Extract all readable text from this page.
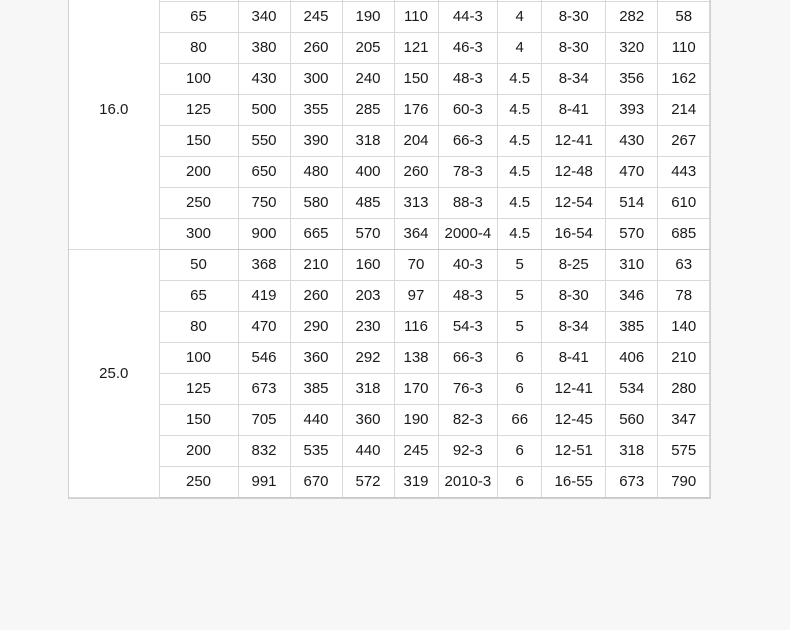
16.0										
	65	340	245	190	110	44-3	4	8-30	282	58
	80	380	260	205	121	46-3	4	8-30	320	110
	100	430	300	240	150	48-3	4.5	8-34	356	162
	125	500	355	285	176	60-3	4.5	8-41	393	214
	150	550	390	318	204	66-3	4.5	12-41	430	267
	200	650	480	400	260	78-3	4.5	12-48	470	443
	250	750	580	485	313	88-3	4.5	12-54	514	610
	300	900	665	570	364	2000-4	4.5	16-54	570	685
25.0	50	368	210	160	70	40-3	5	8-25	310	63
	65	419	260	203	97	48-3	5	8-30	346	78
	80	470	290	230	116	54-3	5	8-34	385	140
	100	546	360	292	138	66-3	6	8-41	406	210
	125	673	385	318	170	76-3	6	12-41	534	280
	150	705	440	360	190	82-3	66	12-45	560	347
	200	832	535	440	245	92-3	6	12-51	318	575
	250	991	670	572	319	2010-3	6	16-55	673	790
